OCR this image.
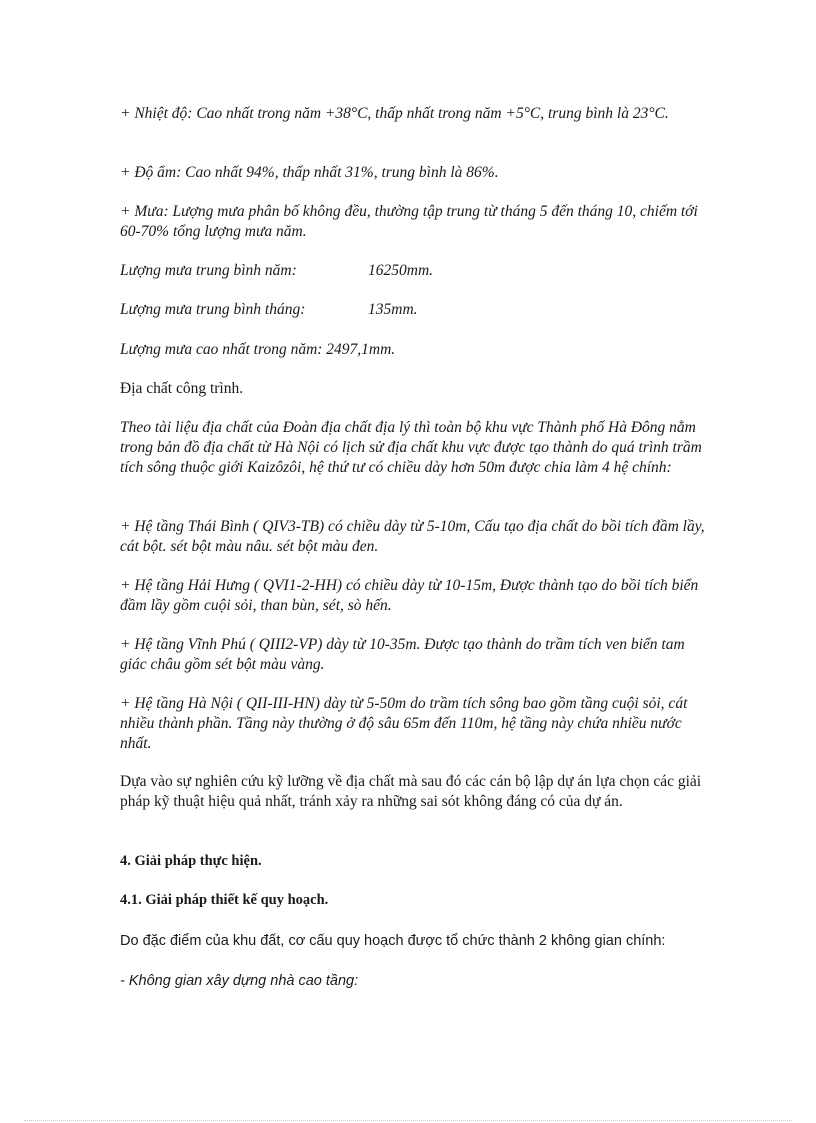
+ Nhiệt độ: Cao nhất trong năm +38°C, thấp nhất trong năm +5°C, trung bình là 23°C.

+ Độ ẩm: Cao nhất 94%, thấp nhất 31%, trung bình là 86%.

+ Mưa: Lượng mưa phân bố không đều, thường tập trung từ tháng 5 đến tháng 10, chiếm tới 60-70% tổng lượng mưa năm.

Lượng mưa trung bình năm:	16250mm.

Lượng mưa trung bình tháng:	135mm.

Lượng mưa cao nhất trong năm: 2497,1mm.

Địa chất công trình.

Theo tài liệu địa chất của Đoàn địa chất địa lý thì toàn bộ khu vực Thành phố Hà Đông nằm trong bản đồ địa chất từ Hà Nội có lịch sử địa chất khu vực được tạo thành do quá trình trầm tích sông thuộc giới Kaizôzôi, hệ thứ tư có chiều dày hơn 50m được chia làm 4 hệ chính:

+ Hệ tầng Thái Bình ( QIV3-TB) có chiều dày từ 5-10m, Cấu tạo địa chất do bồi tích đầm lầy, cát bột. sét bột màu nâu. sét bột màu đen.

+ Hệ tầng Hải Hưng ( QVI1-2-HH) có chiều dày từ 10-15m, Được thành tạo do bồi tích biển đầm lầy gồm cuội sỏi, than bùn, sét, sò hến.

+ Hệ tầng Vĩnh Phú ( QIII2-VP) dày từ 10-35m. Được tạo thành do trầm tích ven biển tam giác châu gồm sét bột màu vàng.

+ Hệ tầng Hà Nội ( QII-III-HN) dày từ 5-50m do trầm tích sông bao gồm tầng cuội sỏi, cát nhiều thành phần. Tầng này thường ở độ sâu 65m đến 110m, hệ tầng này chứa nhiều nước nhất.

Dựa vào sự nghiên cứu kỹ lưỡng về địa chất mà sau đó các cán bộ lập dự án lựa chọn các giải pháp kỹ thuật hiệu quả nhất, tránh xảy ra những sai sót không đáng có của dự án.

4. Giải pháp thực hiện.

4.1. Giải pháp thiết kế quy hoạch.

Do đặc điểm của khu đất, cơ cấu quy hoạch được tổ chức thành 2 không gian chính:

- Không gian xây dựng nhà cao tầng:
